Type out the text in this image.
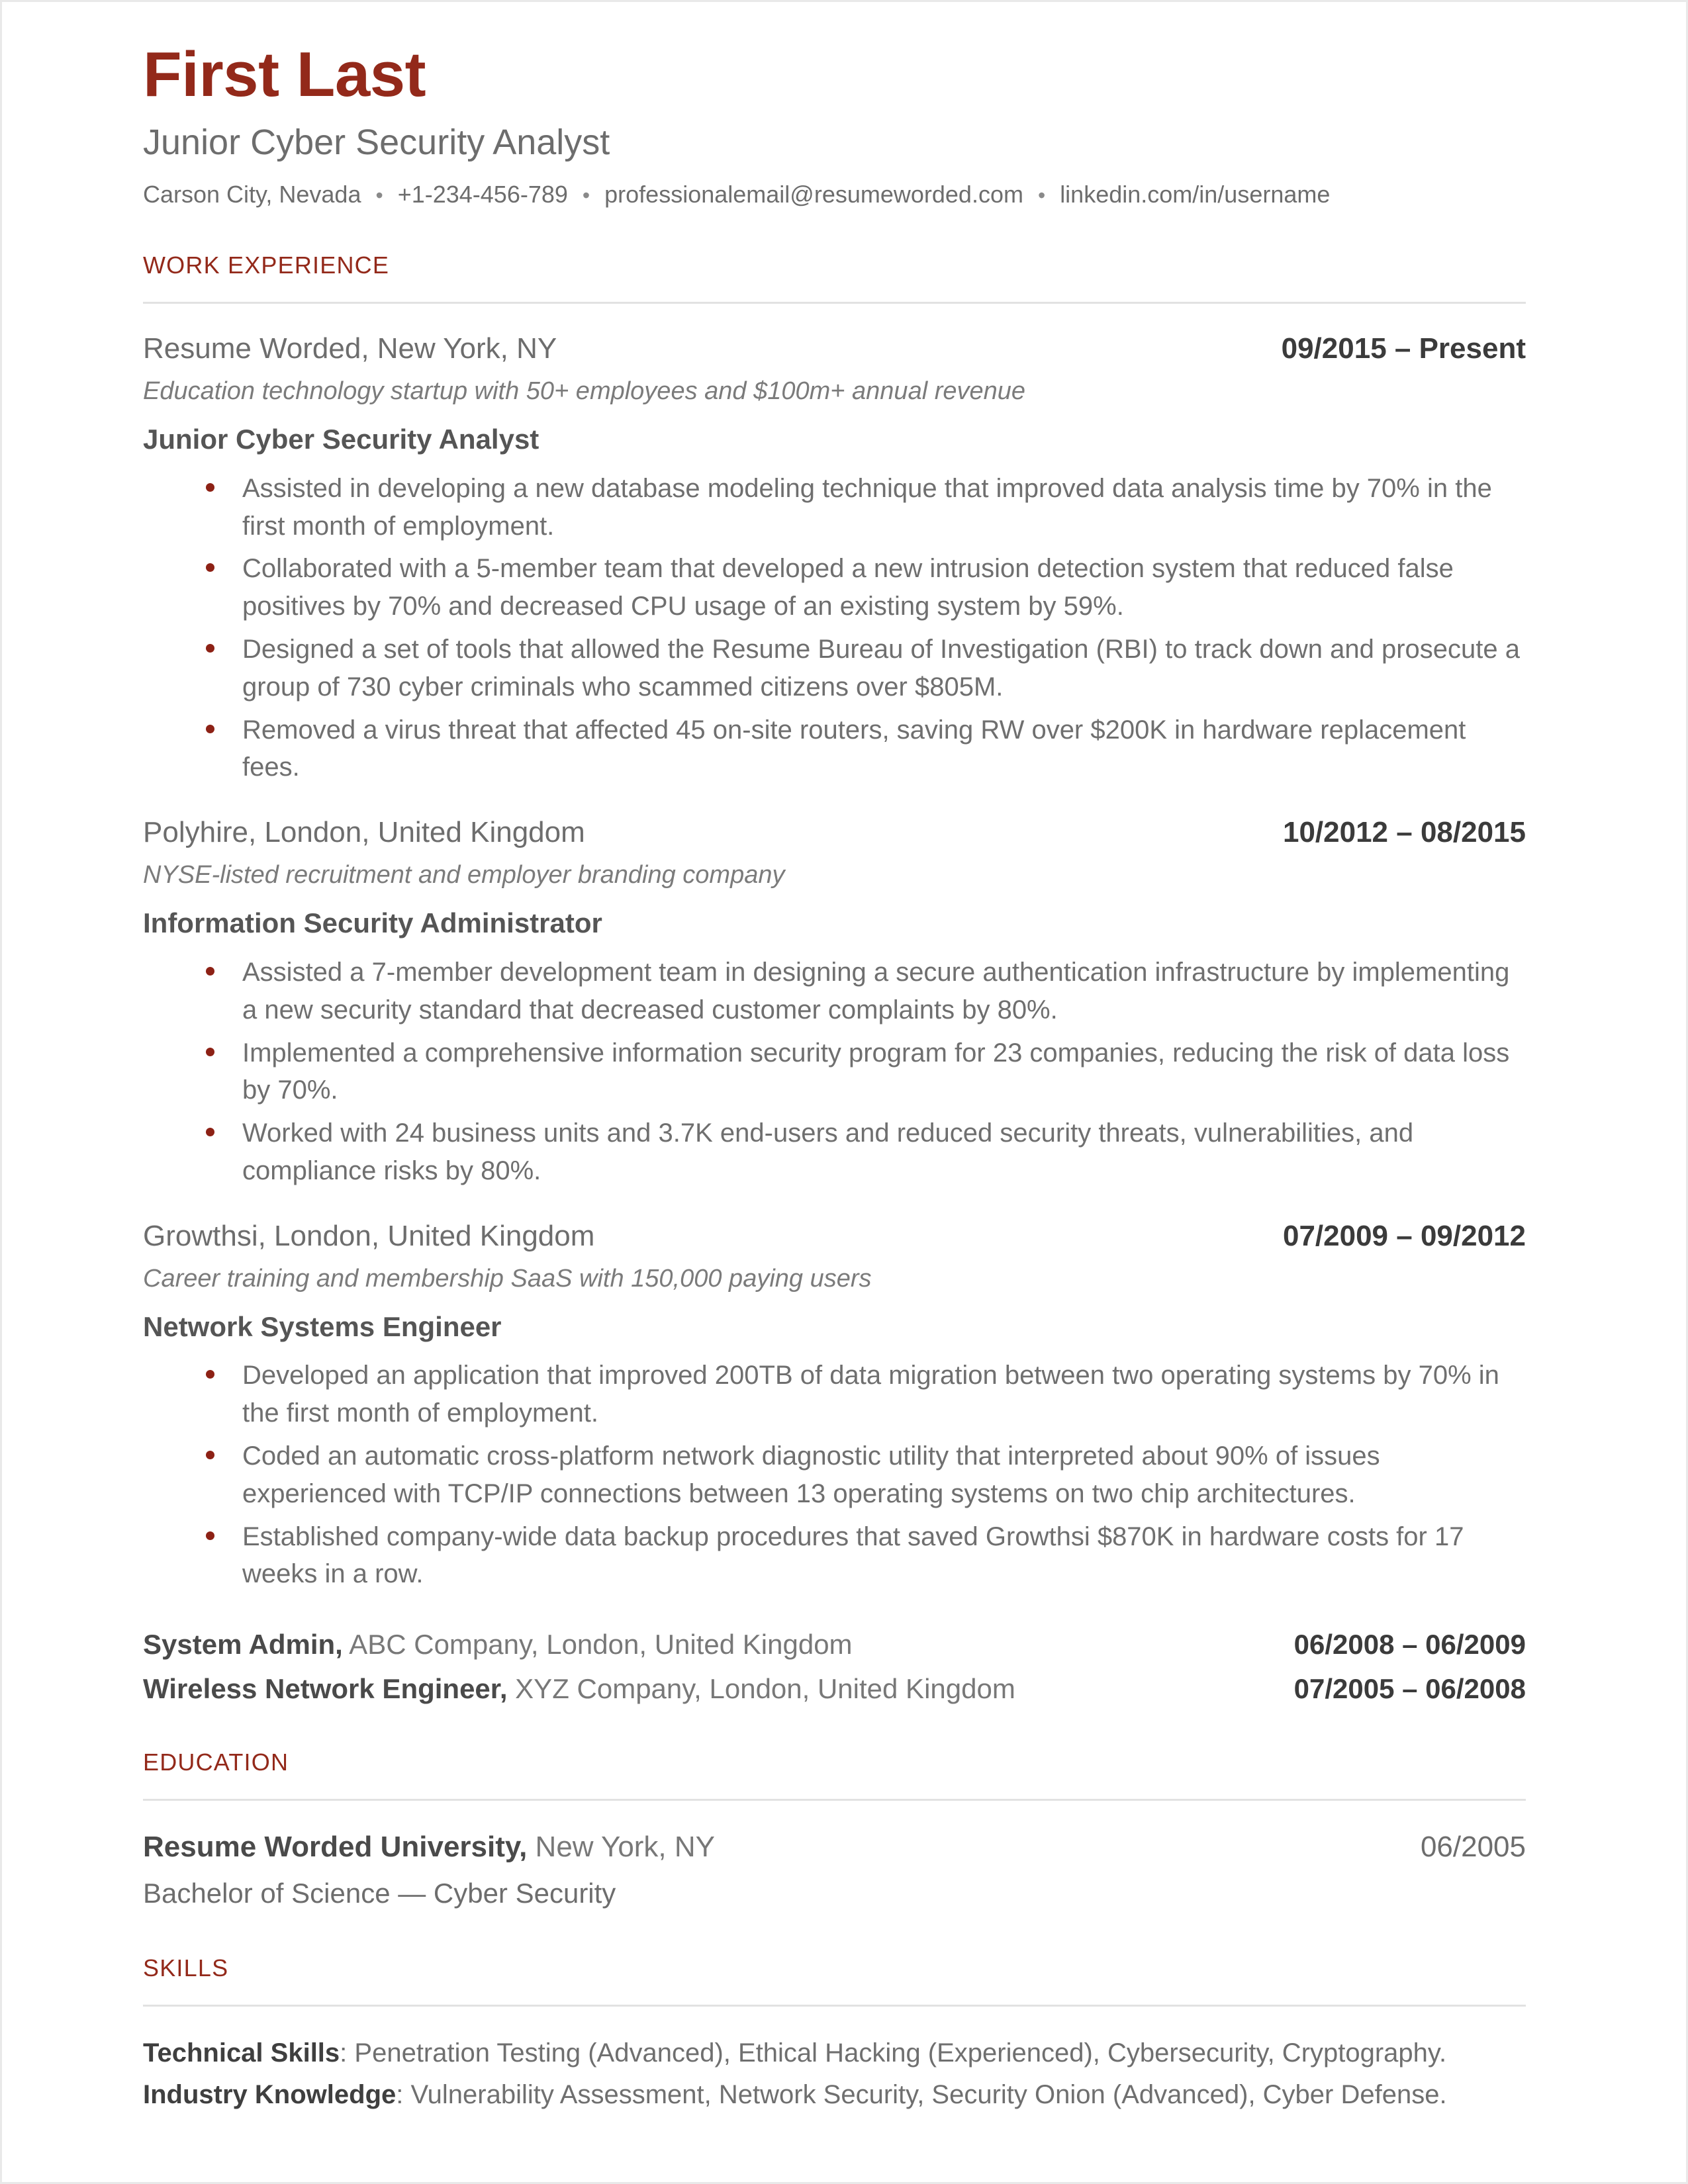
First Last
Junior Cyber Security Analyst
Carson City, Nevada • +1-234-456-789 • professionalemail@resumeworded.com • linkedin.com/in/username
WORK EXPERIENCE
Resume Worded, New York, NY	09/2015 – Present
Education technology startup with 50+ employees and $100m+ annual revenue
Junior Cyber Security Analyst
Assisted in developing a new database modeling technique that improved data analysis time by 70% in the first month of employment.
Collaborated with a 5-member team that developed a new intrusion detection system that reduced false positives by 70% and decreased CPU usage of an existing system by 59%.
Designed a set of tools that allowed the Resume Bureau of Investigation (RBI) to track down and prosecute a group of 730 cyber criminals who scammed citizens over $805M.
Removed a virus threat that affected 45 on-site routers, saving RW over $200K in hardware replacement fees.
Polyhire, London, United Kingdom	10/2012 – 08/2015
NYSE-listed recruitment and employer branding company
Information Security Administrator
Assisted a 7-member development team in designing a secure authentication infrastructure by implementing a new security standard that decreased customer complaints by 80%.
Implemented a comprehensive information security program for 23 companies, reducing the risk of data loss by 70%.
Worked with 24 business units and 3.7K end-users and reduced security threats, vulnerabilities, and compliance risks by 80%.
Growthsi, London, United Kingdom	07/2009 – 09/2012
Career training and membership SaaS with 150,000 paying users
Network Systems Engineer
Developed an application that improved 200TB of data migration between two operating systems by 70% in the first month of employment.
Coded an automatic cross-platform network diagnostic utility that interpreted about 90% of issues experienced with TCP/IP connections between 13 operating systems on two chip architectures.
Established company-wide data backup procedures that saved Growthsi $870K in hardware costs for 17 weeks in a row.
System Admin, ABC Company, London, United Kingdom	06/2008 – 06/2009
Wireless Network Engineer, XYZ Company, London, United Kingdom	07/2005 – 06/2008
EDUCATION
Resume Worded University, New York, NY	06/2005
Bachelor of Science — Cyber Security
SKILLS
Technical Skills: Penetration Testing (Advanced), Ethical Hacking (Experienced), Cybersecurity, Cryptography.
Industry Knowledge: Vulnerability Assessment, Network Security, Security Onion (Advanced), Cyber Defense.
